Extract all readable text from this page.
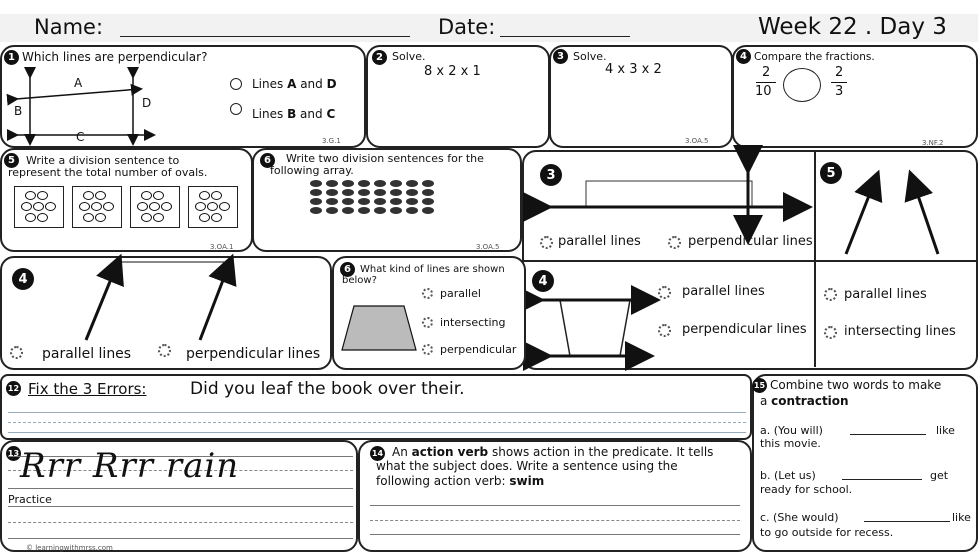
Name:	Date:	Week 22 . Day 3
1 Which lines are perpendicular?
A
B
D
C
Lines A and D
Lines B and C
3.G.1
2 Solve.
8 x 2 x 1
3 Solve.
4 x 3 x 2
3.OA.5
4 Compare the fractions.
2
10
2
3
3.NF.2
5	Write a division sentence to
represent the total number of ovals.
3.OA.1
6	Write two division sentences for the
following array.
3.OA.5
3
parallel lines	perpendicular lines
5
parallel lines
intersecting lines
4
parallel lines
perpendicular lines
4
parallel lines	perpendicular lines
6 What kind of lines are shown
below?
parallel
intersecting
perpendicular
12 Fix the 3 Errors:	Did you leaf the book over their.
13 Rrr Rrr rain
Practice
© learningwithmrss.com
14 An action verb shows action in the predicate. It tells
what the subject does. Write a sentence using the
following action verb: swim
15 Combine two words to make
a contraction
a. (You will)	like
this movie.
b. (Let us)	get
ready for school.
c. (She would)	like
to go outside for recess.
